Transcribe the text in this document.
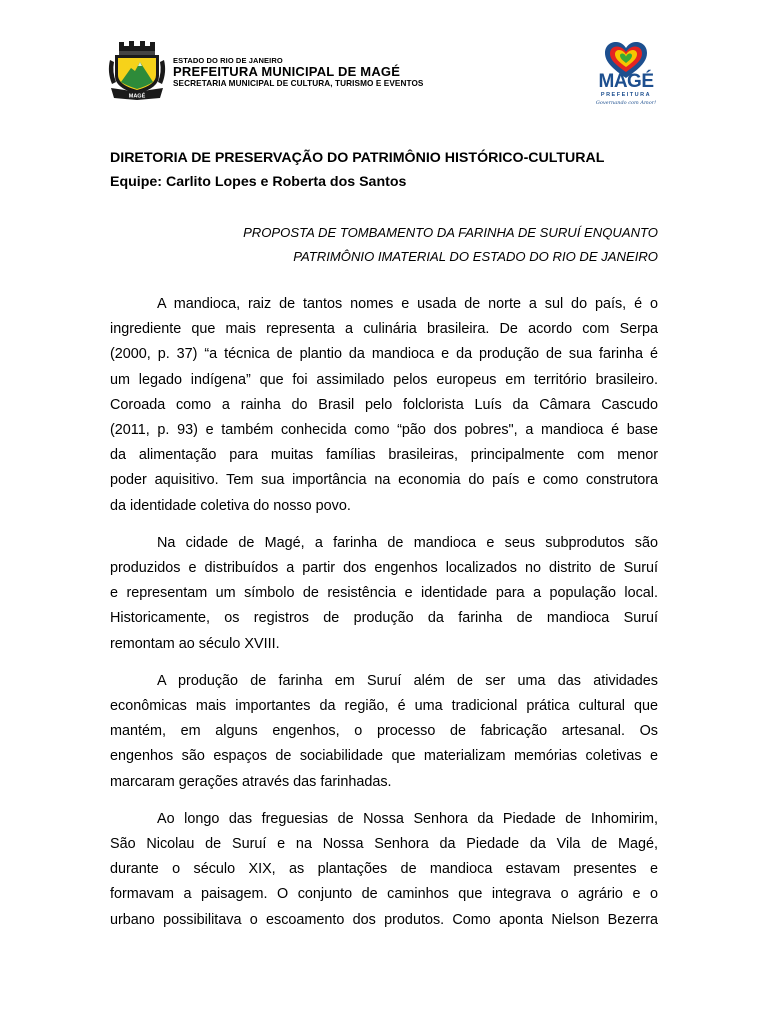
MAGÉ
ESTADO DO RIO DE JANEIRO
PREFEITURA MUNICIPAL DE MAGÉ
SECRETARIA MUNICIPAL DE CULTURA, TURISMO E EVENTOS	MAGÉ
PREFEITURA
Governando com Amor!
DIRETORIA DE PRESERVAÇÃO DO PATRIMÔNIO HISTÓRICO-CULTURAL
Equipe: Carlito Lopes e Roberta dos Santos
PROPOSTA DE TOMBAMENTO DA FARINHA DE SURUÍ ENQUANTO
PATRIMÔNIO IMATERIAL DO ESTADO DO RIO DE JANEIRO
A mandioca, raiz de tantos nomes e usada de norte a sul do país, é o
ingrediente que mais representa a culinária brasileira. De acordo com Serpa
(2000, p. 37) “a técnica de plantio da mandioca e da produção de sua farinha é
um legado indígena” que foi assimilado pelos europeus em território brasileiro.
Coroada como a rainha do Brasil pelo folclorista Luís da Câmara Cascudo
(2011, p. 93) e também conhecida como “pão dos pobres", a mandioca é base
da alimentação para muitas famílias brasileiras, principalmente com menor
poder aquisitivo. Tem sua importância na economia do país e como construtora
da identidade coletiva do nosso povo.
Na cidade de Magé, a farinha de mandioca e seus subprodutos são
produzidos e distribuídos a partir dos engenhos localizados no distrito de Suruí
e representam um símbolo de resistência e identidade para a população local.
Historicamente, os registros de produção da farinha de mandioca Suruí
remontam ao século XVIII.
A produção de farinha em Suruí além de ser uma das atividades
econômicas mais importantes da região, é uma tradicional prática cultural que
mantém, em alguns engenhos, o processo de fabricação artesanal. Os
engenhos são espaços de sociabilidade que materializam memórias coletivas e
marcaram gerações através das farinhadas.
Ao longo das freguesias de Nossa Senhora da Piedade de Inhomirim,
São Nicolau de Suruí e na Nossa Senhora da Piedade da Vila de Magé,
durante o século XIX, as plantações de mandioca estavam presentes e
formavam a paisagem. O conjunto de caminhos que integrava o agrário e o
urbano possibilitava o escoamento dos produtos. Como aponta Nielson Bezerra
